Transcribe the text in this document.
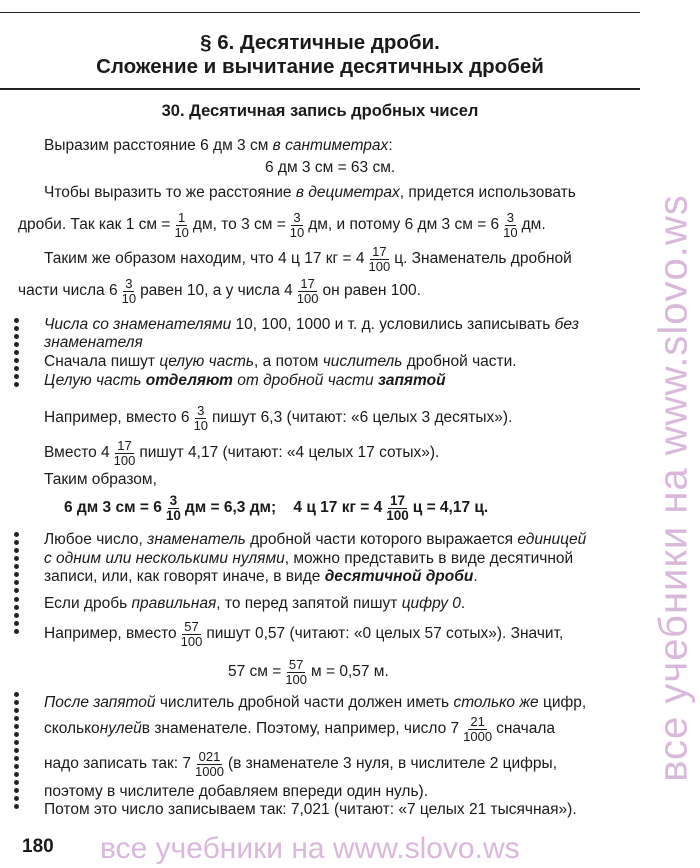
§ 6. Десятичные дроби.
Сложение и вычитание десятичных дробей
30. Десятичная запись дробных чисел
Выразим расстояние 6 дм 3 см в сантиметрах:
6 дм 3 см = 63 см.
Чтобы выразить то же расстояние в дециметрах, придется использовать
дроби. Так как 1 см = $\frac{1}{10}$ дм, то 3 см = $\frac{3}{10}$ дм, и потому 6 дм 3 см = $6 \frac{3}{10}$ дм.
Таким же образом находим, что 4 ц 17 кг = $4 \frac{17}{100} ц$. Знаменатель дробной
части числа $6 \frac{3}{10}$ равен 10, а у числа $4 \frac{17}{100}$ он равен 100.
Числа со знаменателями 10, 100, 1000 и т. д. условились записывать без
знаменателя
Сначала пишут целую часть, а потом числитель дробной части.
Целую часть отделяют от дробной части запятой
Например, вместо $6 \frac{3}{10}$ пишут 6,3 (читают: «6 целых 3 десятых»).
Вместо $4 \frac{17}{100}$ пишут 4,17 (читают: «4 целых 17 сотых»).
Таким образом,
6 дм 3 см = $6 \frac{3}{10}$ дм = 6,3 дм;    4 ц 17 кг = $4 \frac{17}{100}$ ц = 4,17 ц.
Любое число, знаменатель дробной части которого выражается единицей
с одним или несколькими нулями, можно представить в виде десятичной
записи, или, как говорят иначе, в виде десятичной дроби.
Если дробь правильная, то перед запятой пишут цифру 0.
Например, вместо $\frac{57}{100}$ пишут 0,57 (читают: «0 целых 57 сотых»). Значит,
57 см = $\frac{57}{100}$ м = 0,57 м.
После запятой числитель дробной части должен иметь столько же цифр,
сколько нулей в знаменателе. Поэтому, например, число $7 \frac{21}{1000}$ сначала
надо записать так: $7 \frac{021}{1000} (в$ знаменателе 3 нуля, в числителе 2 цифры,
поэтому в числителе добавляем впереди один нуль).
Потом это число записываем так: 7,021 (читают: «7 целых 21 тысячная»).
180 все учебники на www.slovo.ws
все учебники на www.slovo.ws
